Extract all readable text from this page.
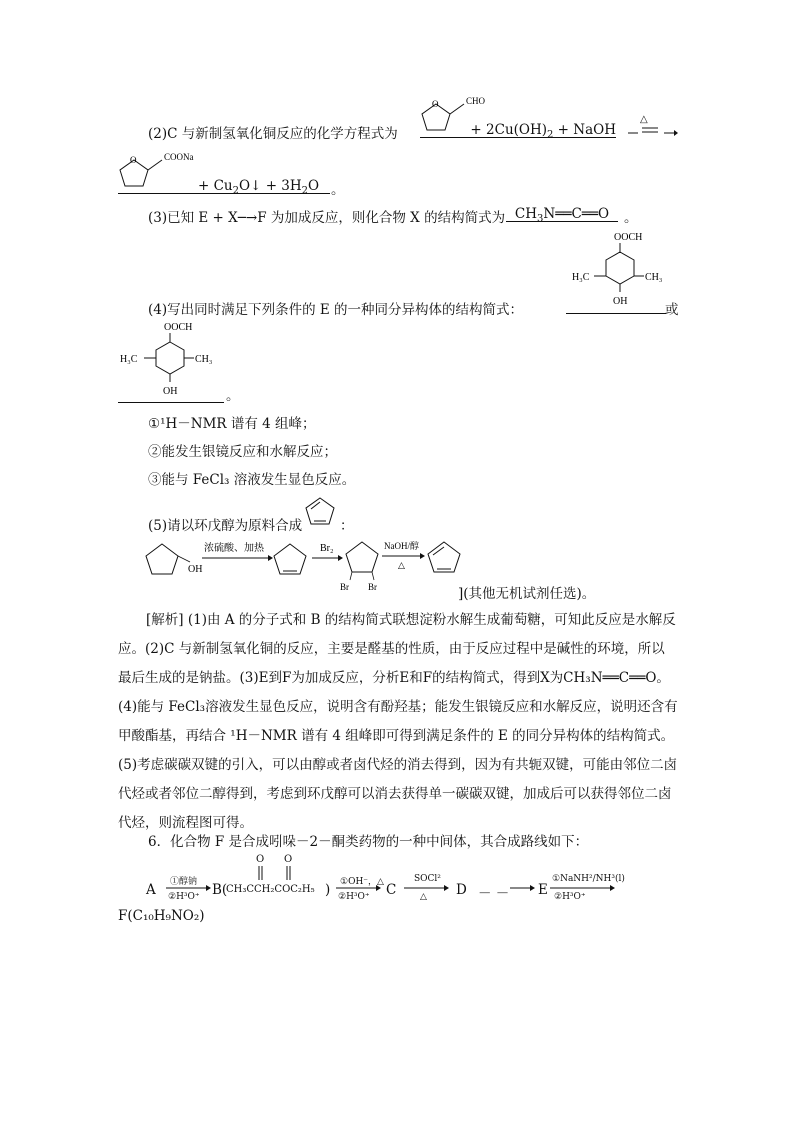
(2)C 与新制氢氧化铜反应的化学方程式为
O	CHO
+ $2Cu(OH)_2$ + NaOH
△
O	COONa
+ $Cu_2O↓ + 3H_2O$ 。
(3)已知 E + X─→F 为加成反应，则化合物 X 的结构简式为 $CH_3N══C══O$	。
OOCH
OH
H₃C	CH₃
(4)写出同时满足下列条件的 E 的一种同分异构体的结构简式：	或
OOCH
OH
H₃C	CH₃
。
①¹H－NMR 谱有 4 组峰；
②能发生银镜反应和水解反应；
③能与 FeCl₃ 溶液发生显色反应。
(5)请以环戊醇为原料合成	：
OH
浓硫酸、加热	Br₂
Br Br
NaOH/醇
△
](其他无机试剂任选)。

[解析] (1)由 A 的分子式和 B 的结构简式联想淀粉水解生成葡萄糖，可知此反应是水解反应。(2)C 与新制氢氧化铜的反应，主要是醛基的性质，由于反应过程中是碱性的环境，所以最后生成的是钠盐。(3)E到F为加成反应，分析E和F的结构简式，得到X为CH₃N══C══O。(4)能与 FeCl₃溶液发生显色反应，说明含有酚羟基；能发生银镜反应和水解反应，说明还含有甲酸酯基，再结合 ¹H－NMR 谱有 4 组峰即可得到满足条件的 E 的同分异构体的结构简式。(5)考虑碳碳双键的引入，可以由醇或者卤代烃的消去得到，因为有共轭双键，可能由邻位二卤代烃或者邻位二醇得到，考虑到环戊醇可以消去获得单一碳碳双键，加成后可以获得邻位二卤代烃，则流程图可得。

6．化合物 F 是合成吲哚－2－酮类药物的一种中间体，其合成路线如下：
A ①醇钠
②H³O⁺ B(
O O
CH₃CCH₂COC₂H₅ ) ①OH⁻，△
②H³O⁺ C
SOCl²
△ D － － E
①NaNH²/NH³(l)
②H³O⁺
F(C₁₀H₉NO₂)
